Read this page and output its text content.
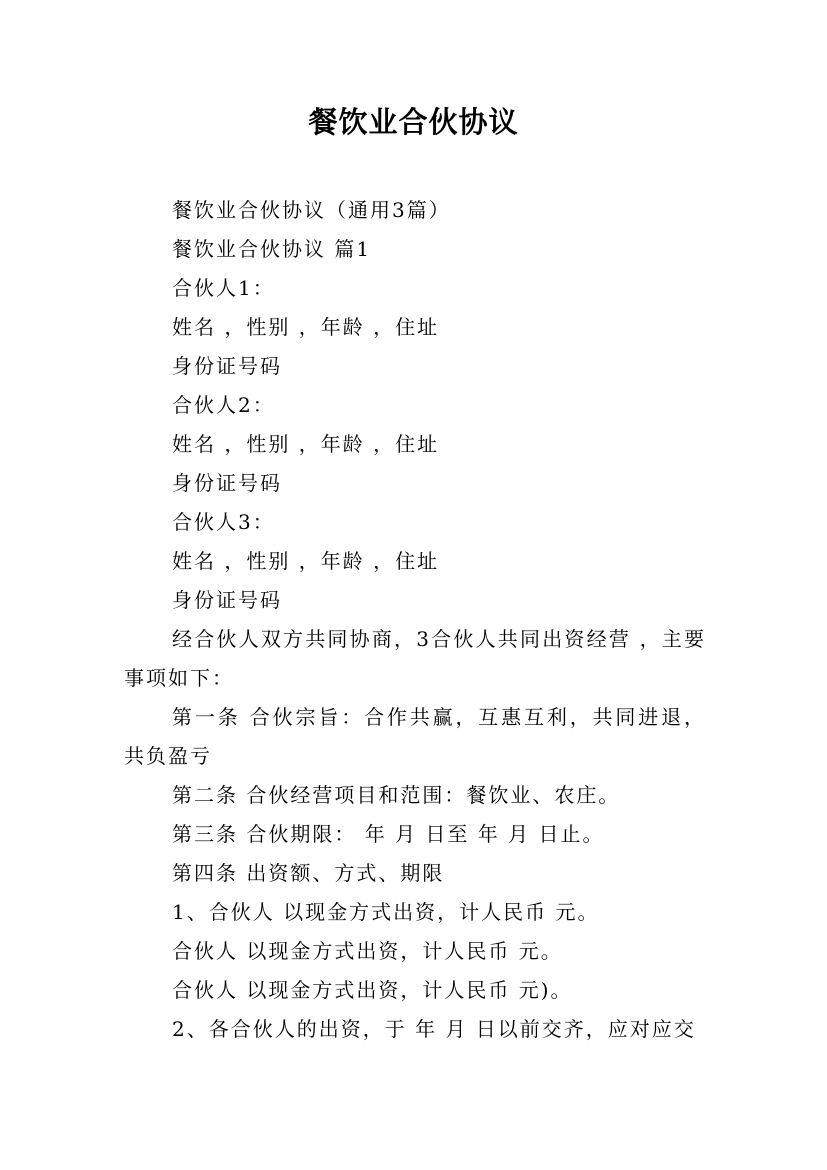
餐饮业合伙协议

餐饮业合伙协议（通用3篇）

餐饮业合伙协议 篇1

合伙人1：

姓名 ，性别 ，年龄 ，住址

身份证号码

合伙人2：

姓名 ，性别 ，年龄 ，住址

身份证号码

合伙人3：

姓名 ，性别 ，年龄 ，住址

身份证号码

经合伙人双方共同协商，3合伙人共同出资经营 ，主要事项如下：

第一条 合伙宗旨：合作共赢，互惠互利，共同进退，共负盈亏

第二条 合伙经营项目和范围：餐饮业、农庄。

第三条 合伙期限： 年 月 日至 年 月 日止。

第四条 出资额、方式、期限

1、合伙人 以现金方式出资，计人民币 元。

合伙人 以现金方式出资，计人民币 元。

合伙人 以现金方式出资，计人民币 元)。

2、各合伙人的出资，于 年 月 日以前交齐，应对应交
